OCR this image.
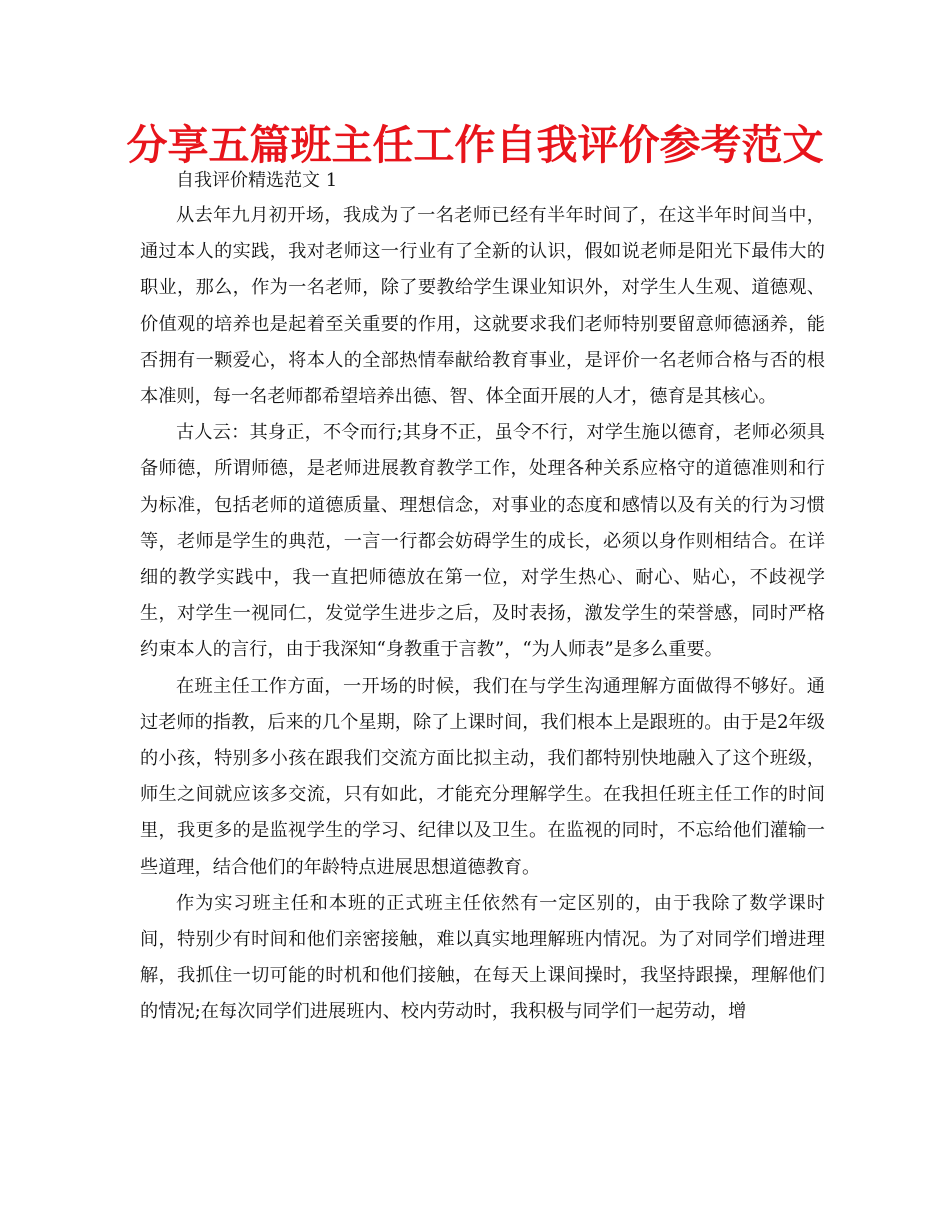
分享五篇班主任工作自我评价参考范文

自我评价精选范文 1

从去年九月初开场，我成为了一名老师已经有半年时间了，在这半年时间当中，通过本人的实践，我对老师这一行业有了全新的认识，假如说老师是阳光下最伟大的职业，那么，作为一名老师，除了要教给学生课业知识外，对学生人生观、道德观、价值观的培养也是起着至关重要的作用，这就要求我们老师特别要留意师德涵养，能否拥有一颗爱心，将本人的全部热情奉献给教育事业，是评价一名老师合格与否的根本准则，每一名老师都希望培养出德、智、体全面开展的人才，德育是其核心。

古人云：其身正，不令而行;其身不正，虽令不行，对学生施以德育，老师必须具备师德，所谓师德，是老师进展教育教学工作，处理各种关系应格守的道德准则和行为标准，包括老师的道德质量、理想信念，对事业的态度和感情以及有关的行为习惯等，老师是学生的典范，一言一行都会妨碍学生的成长，必须以身作则相结合。在详细的教学实践中，我一直把师德放在第一位，对学生热心、耐心、贴心，不歧视学生，对学生一视同仁，发觉学生进步之后，及时表扬，激发学生的荣誉感，同时严格约束本人的言行，由于我深知“身教重于言教”，“为人师表”是多么重要。

在班主任工作方面，一开场的时候，我们在与学生沟通理解方面做得不够好。通过老师的指教，后来的几个星期，除了上课时间，我们根本上是跟班的。由于是2年级的小孩，特别多小孩在跟我们交流方面比拟主动，我们都特别快地融入了这个班级，师生之间就应该多交流，只有如此，才能充分理解学生。在我担任班主任工作的时间里，我更多的是监视学生的学习、纪律以及卫生。在监视的同时，不忘给他们灌输一些道理，结合他们的年龄特点进展思想道德教育。

作为实习班主任和本班的正式班主任依然有一定区别的，由于我除了数学课时间，特别少有时间和他们亲密接触，难以真实地理解班内情况。为了对同学们增进理解，我抓住一切可能的时机和他们接触，在每天上课间操时，我坚持跟操，理解他们的情况;在每次同学们进展班内、校内劳动时，我积极与同学们一起劳动，增
